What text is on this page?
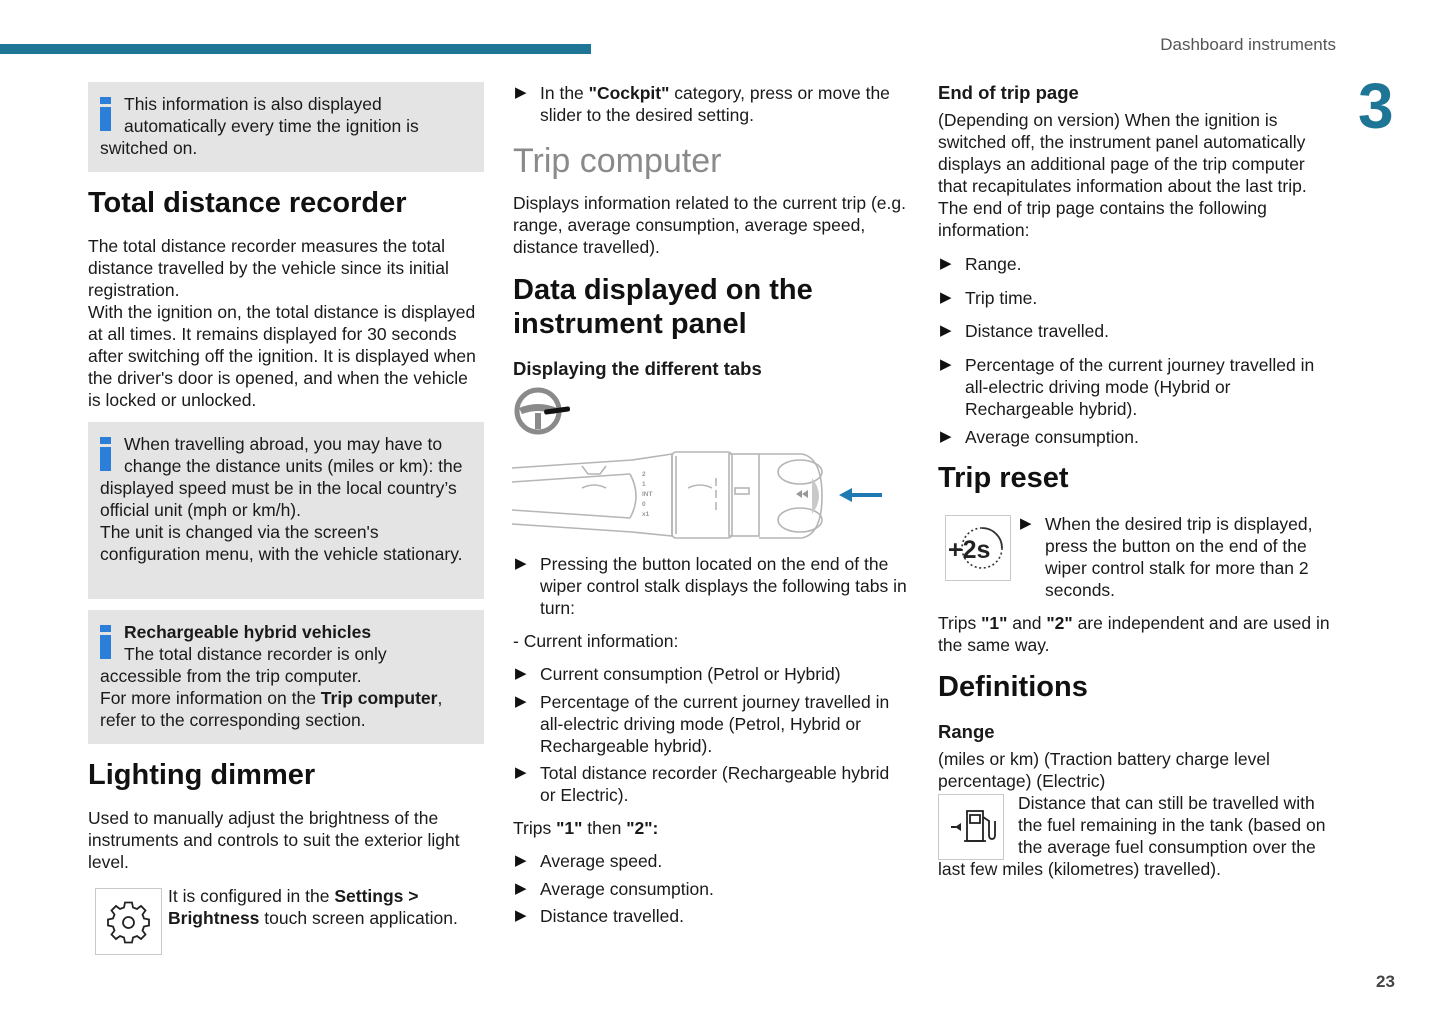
Dashboard instruments
3
23
This information is also displayed automatically every time the ignition is switched on.
Total distance recorder
The total distance recorder measures the total distance travelled by the vehicle since its initial registration.
With the ignition on, the total distance is displayed at all times. It remains displayed for 30 seconds after switching off the ignition. It is displayed when the driver's door is opened, and when the vehicle is locked or unlocked.
When travelling abroad, you may have to change the distance units (miles or km): the displayed speed must be in the local country’s official unit (mph or km/h).
The unit is changed via the screen's configuration menu, with the vehicle stationary.
Rechargeable hybrid vehicles
The total distance recorder is only accessible from the trip computer.
For more information on the Trip computer, refer to the corresponding section.
Lighting dimmer
Used to manually adjust the brightness of the instruments and controls to suit the exterior light level.
It is configured in the Settings > Brightness touch screen application.
▶ In the "Cockpit" category, press or move the slider to the desired setting.
Trip computer
Displays information related to the current trip (e.g. range, average consumption, average speed, distance travelled).
Data displayed on the instrument panel
Displaying the different tabs
2
1
INT
0
x1
▶ Pressing the button located on the end of the wiper control stalk displays the following tabs in turn:
- Current information:
▶ Current consumption (Petrol or Hybrid)
▶ Percentage of the current journey travelled in all-electric driving mode (Petrol, Hybrid or Rechargeable hybrid).
▶ Total distance recorder (Rechargeable hybrid or Electric).
Trips "1" then "2":
▶ Average speed.
▶ Average consumption.
▶ Distance travelled.
End of trip page
(Depending on version) When the ignition is switched off, the instrument panel automatically displays an additional page of the trip computer that recapitulates information about the last trip.
The end of trip page contains the following information:
▶ Range.
▶ Trip time.
▶ Distance travelled.
▶ Percentage of the current journey travelled in all-electric driving mode (Hybrid or Rechargeable hybrid).
▶ Average consumption.
Trip reset
+2s
▶ When the desired trip is displayed, press the button on the end of the wiper control stalk for more than 2 seconds.
Trips "1" and "2" are independent and are used in the same way.
Definitions
Range
(miles or km) (Traction battery charge level percentage) (Electric)
Distance that can still be travelled with the fuel remaining in the tank (based on the average fuel consumption over the last few miles (kilometres) travelled).
